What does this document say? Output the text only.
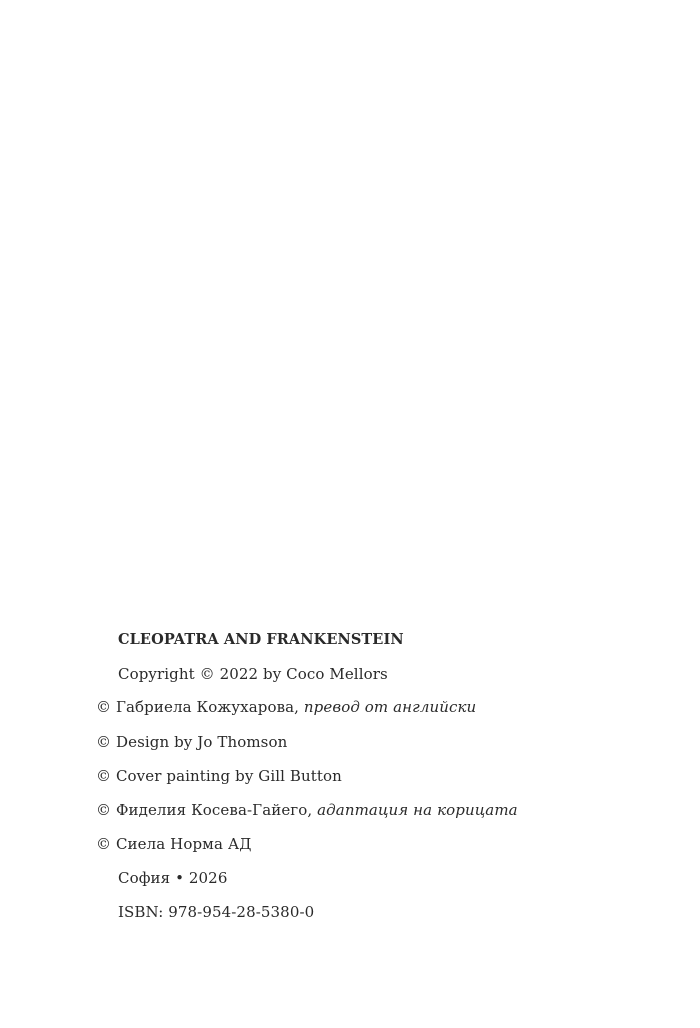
CLEOPATRA AND FRANKENSTEIN
Copyright © 2022 by Coco Mellors
© Габриела Кожухарова, превод от английски
© Design by Jo Thomson
© Cover painting by Gill Button
© Фиделия Косева-Гайего, адаптация на корицата
© Сиела Норма АД
София • 2026
ISBN: 978-954-28-5380-0
